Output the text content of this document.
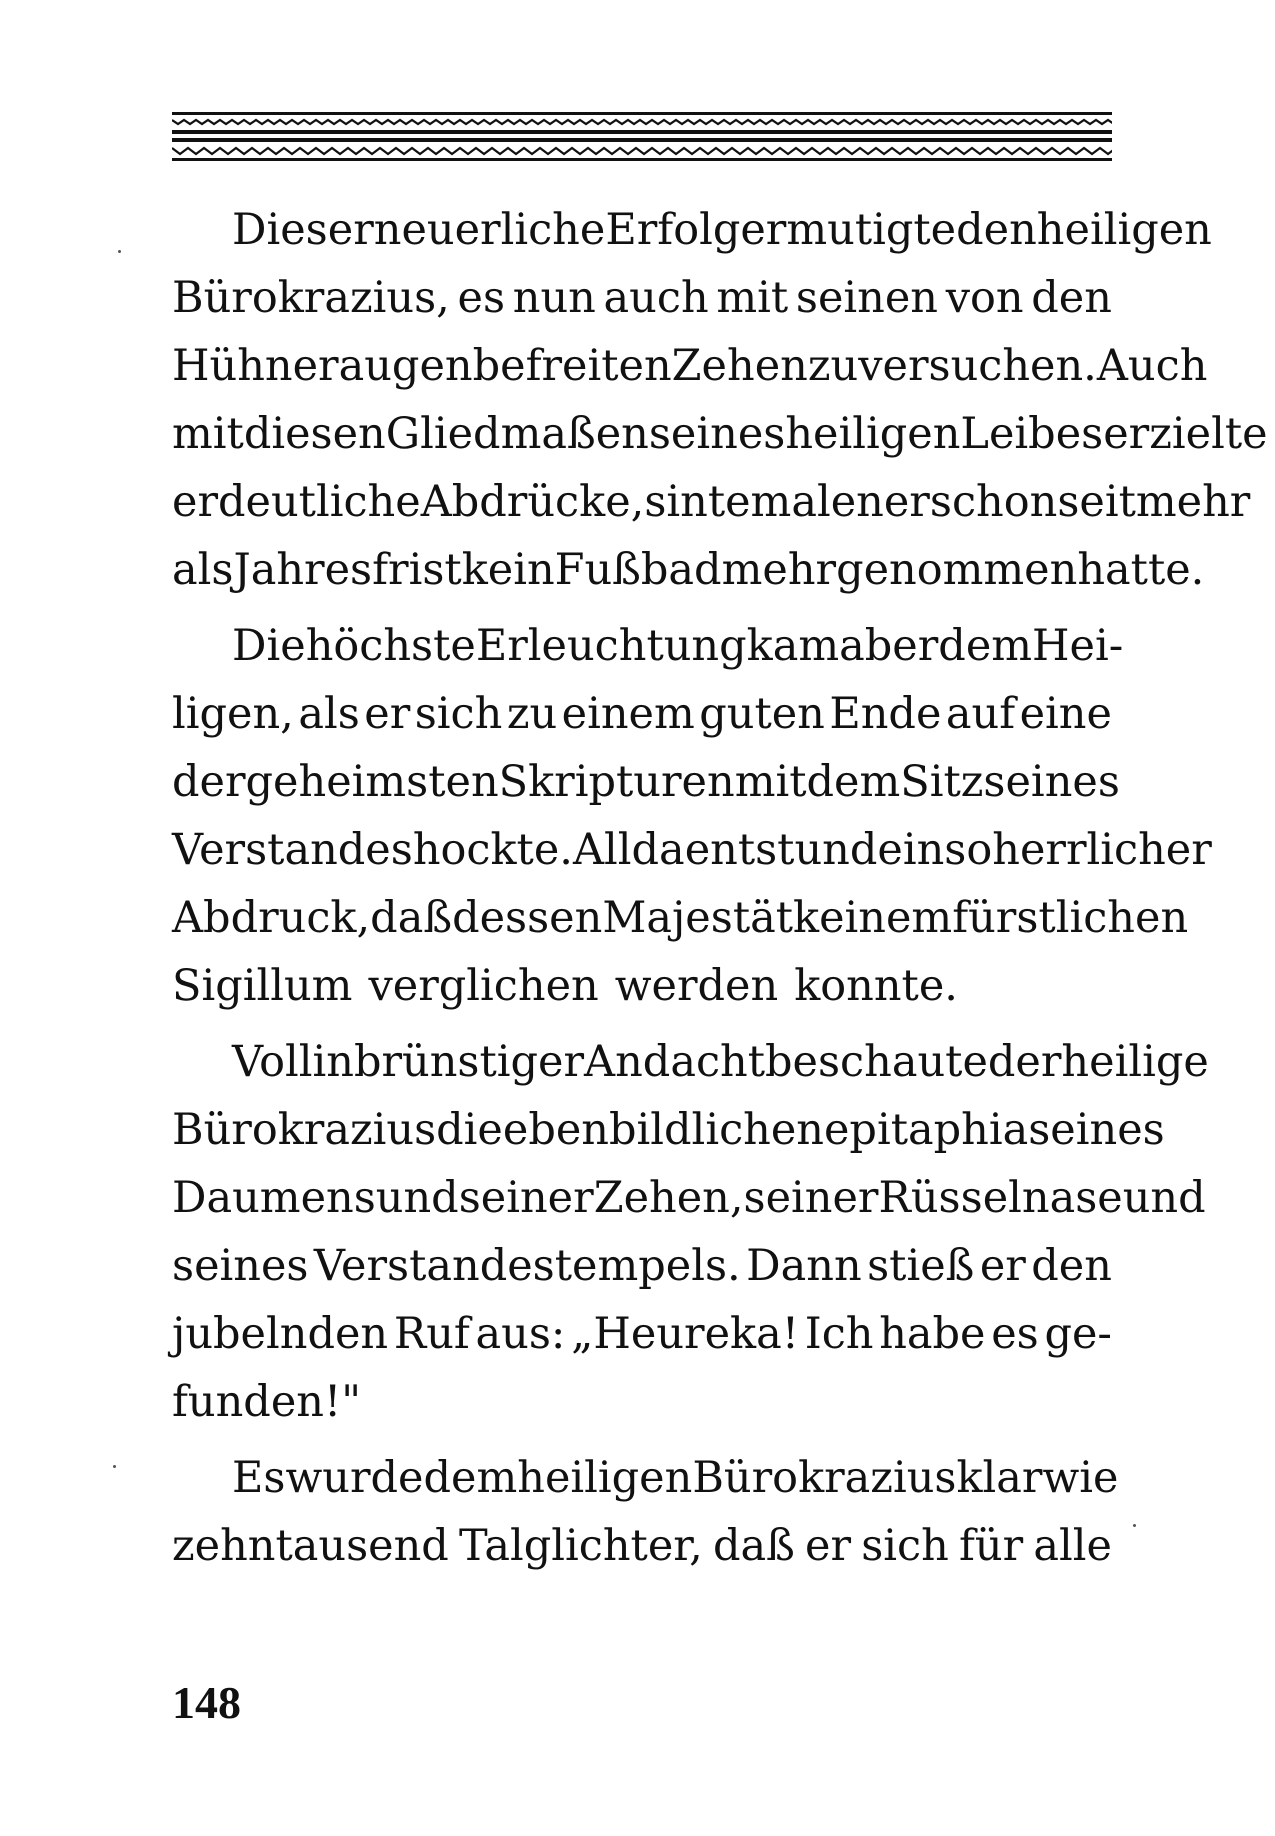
Dieser neuerliche Erfolg ermutigte den heiligen
Bürokrazius, es nun auch mit seinen von den
Hühneraugen befreiten Zehen zu versuchen. Auch
mit diesen Gliedmaßen seines heiligen Leibes erzielte
er deutliche Abdrücke, sintemalen er schon seit mehr
als Jahresfrist kein Fußbad mehr genommen hatte.
Die höchste Erleuchtung kam aber dem Hei-
ligen, als er sich zu einem guten Ende auf eine
der geheimsten Skripturen mit dem Sitz seines
Verstandes hockte. Allda entstund ein so herrlicher
Abdruck, daß dessen Majestät keinem fürstlichen
Sigillum verglichen werden konnte.
Voll inbrünstiger Andacht beschaute der heilige
Bürokrazius die ebenbildlichen epitaphia seines
Daumens und seiner Zehen, seiner Rüsselnase und
seines Verstandestempels. Dann stieß er den
jubelnden Ruf aus: „Heureka! Ich habe es ge-
funden!"
Es wurde dem heiligen Bürokrazius klar wie
zehntausend Talglichter, daß er sich für alle
148
